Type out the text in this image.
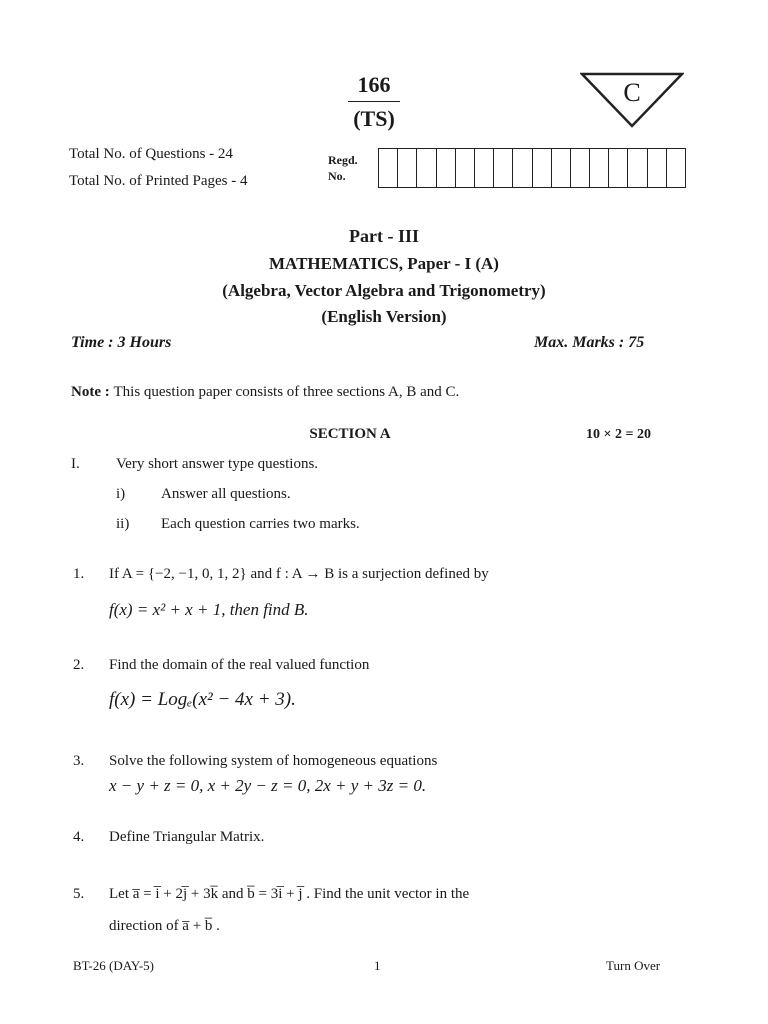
166
(TS)
C
Total No. of Questions - 24
Total No. of Printed Pages - 4
Regd.
No.
Part - III
MATHEMATICS, Paper - I (A)
(Algebra, Vector Algebra and Trigonometry)
(English Version)
Time : 3 Hours	Max. Marks : 75
Note : This question paper consists of three sections A, B and C.
SECTION A	10 × 2 = 20
I. Very short answer type questions.
i) Answer all questions.
ii) Each question carries two marks.
1. If A = {−2, −1, 0, 1, 2} and f : A → B is a surjection defined by
f(x) = x² + x + 1, then find B.
2. Find the domain of the real valued function
f(x) = Logₑ(x² − 4x + 3).
3. Solve the following system of homogeneous equations
x − y + z = 0, x + 2y − z = 0, 2x + y + 3z = 0.
4. Define Triangular Matrix.
5. Let a̅ = i̅ + 2j̅ + 3k̅ and b̅ = 3i̅ + j̅ . Find the unit vector in the
direction of a̅ + b̅ .
BT-26 (DAY-5)	1	Turn Over
